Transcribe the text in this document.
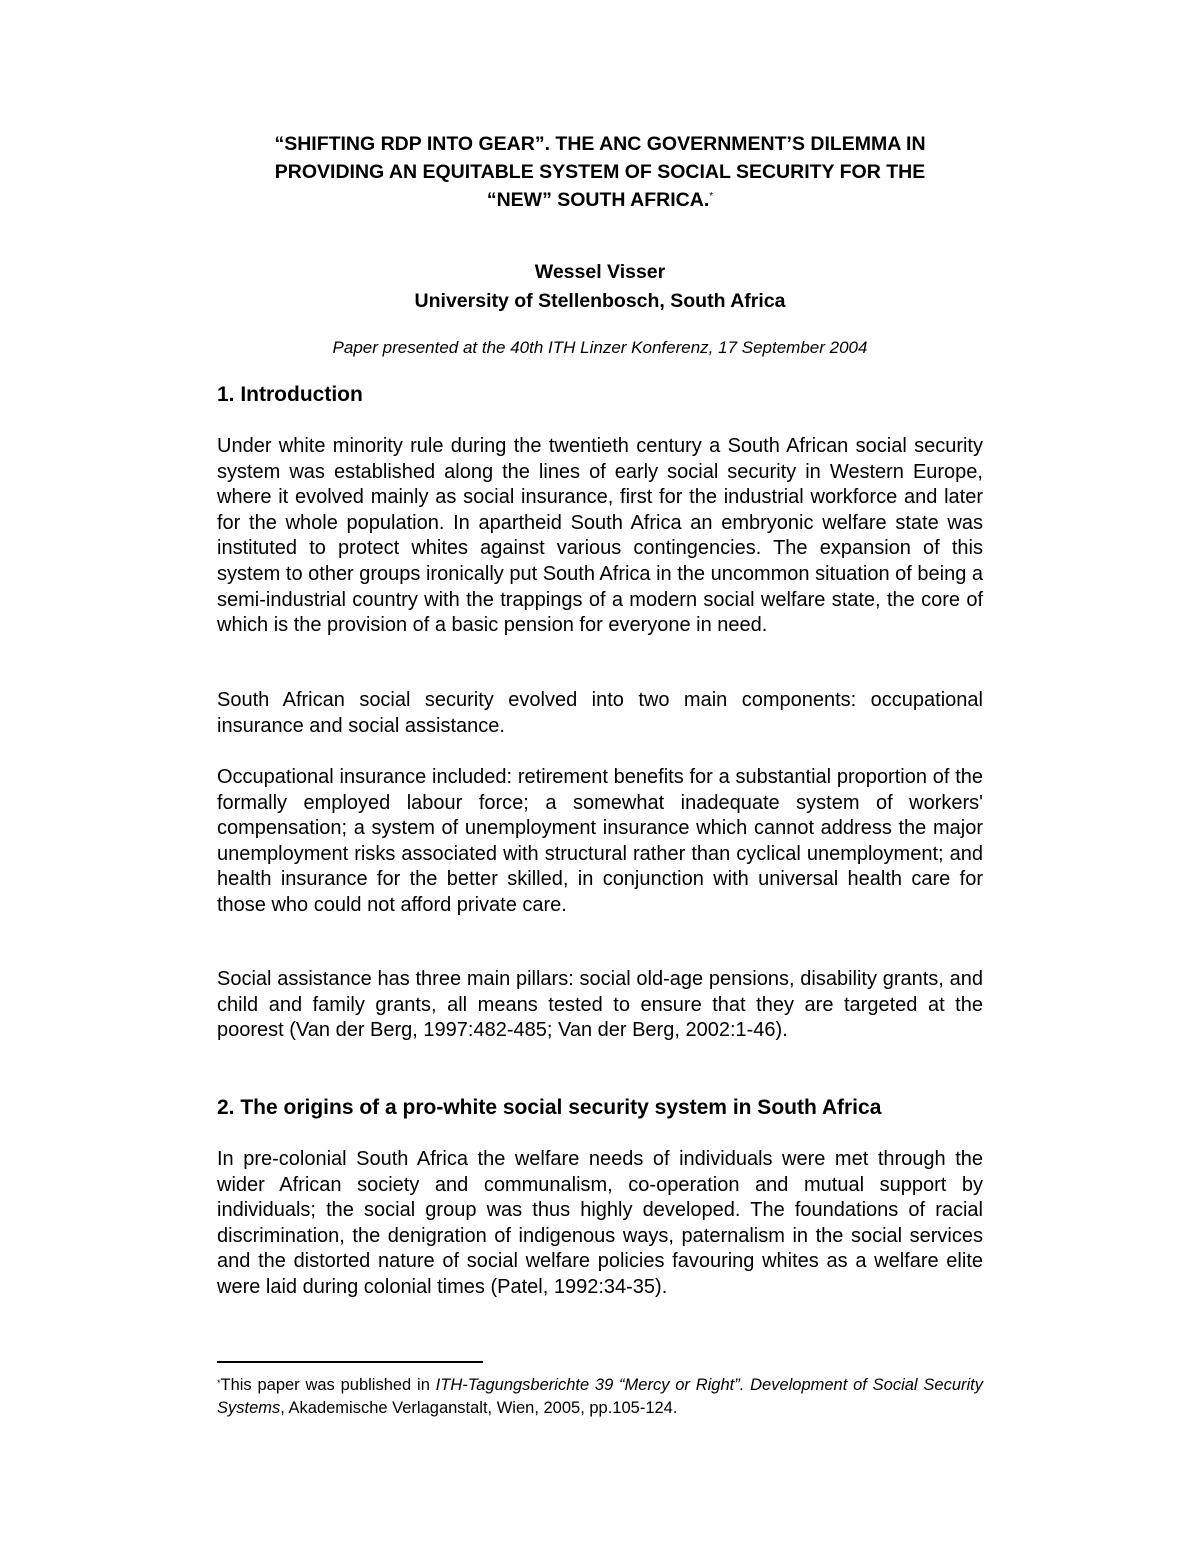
“SHIFTING RDP INTO GEAR”. THE ANC GOVERNMENT’S DILEMMA IN
PROVIDING AN EQUITABLE SYSTEM OF SOCIAL SECURITY FOR THE
“NEW” SOUTH AFRICA.*
Wessel Visser
University of Stellenbosch, South Africa
Paper presented at the 40th ITH Linzer Konferenz, 17 September 2004
1. Introduction

Under white minority rule during the twentieth century a South African social security system was established along the lines of early social security in Western Europe, where it evolved mainly as social insurance, first for the industrial workforce and later for the whole population. In apartheid South Africa an embryonic welfare state was instituted to protect whites against various contingencies. The expansion of this system to other groups ironically put South Africa in the uncommon situation of being a semi-industrial country with the trappings of a modern social welfare state, the core of which is the provision of a basic pension for everyone in need.

South African social security evolved into two main components: occupational insurance and social assistance.

Occupational insurance included: retirement benefits for a substantial proportion of the formally employed labour force; a somewhat inadequate system of workers' compensation; a system of unemployment insurance which cannot address the major unemployment risks associated with structural rather than cyclical unemployment; and health insurance for the better skilled, in conjunction with universal health care for those who could not afford private care.

Social assistance has three main pillars: social old-age pensions, disability grants, and child and family grants, all means tested to ensure that they are targeted at the poorest (Van der Berg, 1997:482-485; Van der Berg, 2002:1-46).

2. The origins of a pro-white social security system in South Africa

In pre-colonial South Africa the welfare needs of individuals were met through the wider African society and communalism, co-operation and mutual support by individuals; the social group was thus highly developed. The foundations of racial discrimination, the denigration of indigenous ways, paternalism in the social services and the distorted nature of social welfare policies favouring whites as a welfare elite were laid during colonial times (Patel, 1992:34-35).

*This paper was published in ITH-Tagungsberichte 39 “Mercy or Right”. Development of Social Security Systems, Akademische Verlaganstalt, Wien, 2005, pp.105-124.
